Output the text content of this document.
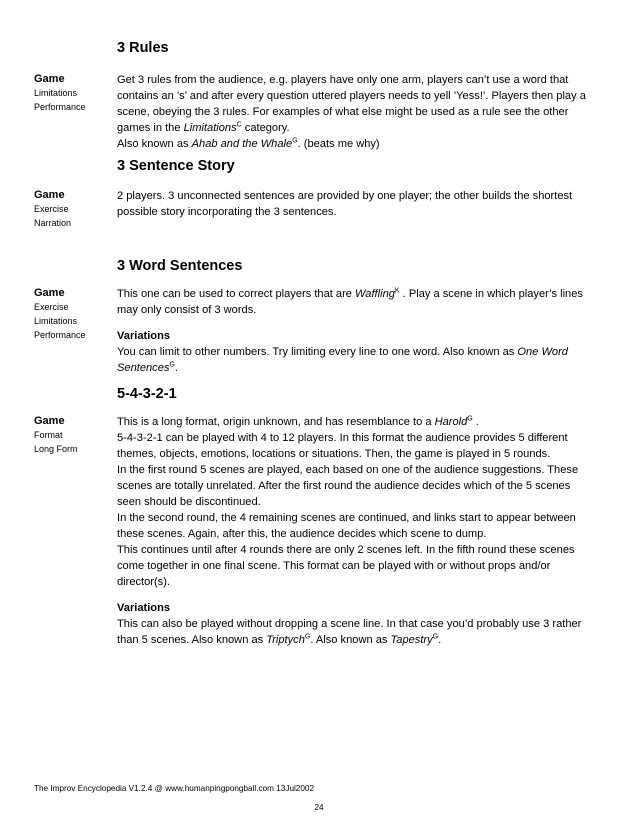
3 Rules
Game
Limitations
Performance

Get 3 rules from the audience, e.g. players have only one arm, players can’t use a word that contains an ’s’ and after every question uttered players needs to yell ’Yess!’. Players then play a scene, obeying the 3 rules. For examples of what else might be used as a rule see the other games in the Limitations$^C$ category.
Also known as Ahab and the Whale$^G$. (beats me why)

3 Sentence Story
Game
Exercise
Narration

2 players. 3 unconnected sentences are provided by one player; the other builds the shortest possible story incorporating the 3 sentences.

3 Word Sentences
Game
Exercise
Limitations
Performance

This one can be used to correct players that are Waffling$^K$ . Play a scene in which player’s lines may only consist of 3 words.

Variations

You can limit to other numbers. Try limiting every line to one word. Also known as One Word Sentences$^G$.

5-4-3-2-1
Game
Format
Long Form

This is a long format, origin unknown, and has resemblance to a Harold$^G$ .
5-4-3-2-1 can be played with 4 to 12 players. In this format the audience provides 5 different themes, objects, emotions, locations or situations. Then, the game is played in 5 rounds.
In the first round 5 scenes are played, each based on one of the audience suggestions. These scenes are totally unrelated. After the first round the audience decides which of the 5 scenes seen should be discontinued.
In the second round, the 4 remaining scenes are continued, and links start to appear between these scenes. Again, after this, the audience decides which scene to dump.
This continues until after 4 rounds there are only 2 scenes left. In the fifth round these scenes come together in one final scene. This format can be played with or without props and/or director(s).

Variations

This can also be played without dropping a scene line. In that case you’d probably use 3 rather than 5 scenes. Also known as Triptych$^G$. Also known as Tapestry$^G$.

The Improv Encyclopedia V1.2.4 @ www.humanpingpongball.com 13Jul2002
24
